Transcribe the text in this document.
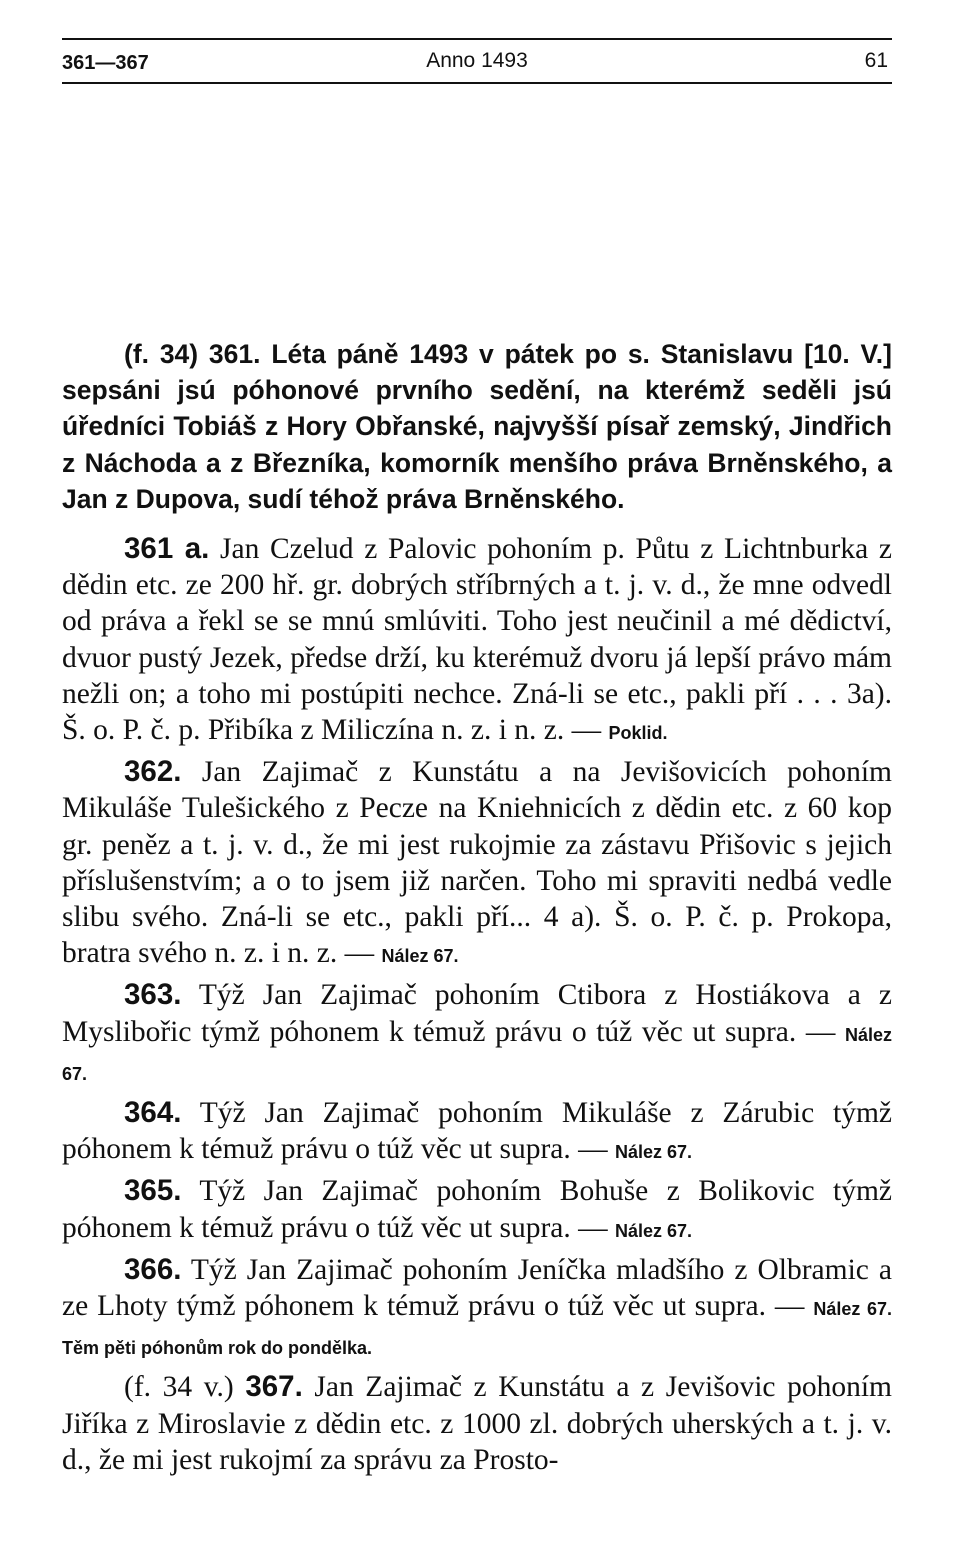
361—367	Anno 1493	61

(f. 34) 361. Léta páně 1493 v pátek po s. Stanislavu [10. V.] sepsáni jsú póhonové prvního sedění, na kterémž seděli jsú úředníci Tobiáš z Hory Obřanské, najvyšší písař zemský, Jindřich z Náchoda a z Březníka, komorník menšího práva Brněnského, a Jan z Dupova, sudí téhož práva Brněnského.

361 a. Jan Czelud z Palovic pohoním p. Půtu z Lichtnburka z dědin etc. ze 200 hř. gr. dobrých stříbrných a t. j. v. d., že mne odvedl od práva a řekl se se mnú smlúviti. Toho jest neučinil a mé dědictví, dvuor pustý Jezek, předse drží, ku kterémuž dvoru já lepší právo mám nežli on; a toho mi postúpiti nechce. Zná-li se etc., pakli pří . . . 3a). Š. o. P. č. p. Přibíka z Miliczína n. z. i n. z. — Poklid.

362. Jan Zajimač z Kunstátu a na Jevišovicích pohoním Mikuláše Tulešického z Pecze na Kniehnicích z dědin etc. z 60 kop gr. peněz a t. j. v. d., že mi jest rukojmie za zástavu Přišovic s jejich příslušenstvím; a o to jsem již narčen. Toho mi spraviti nedbá vedle slibu svého. Zná-li se etc., pakli pří... 4 a). Š. o. P. č. p. Prokopa, bratra svého n. z. i n. z. — Nález 67.

363. Týž Jan Zajimač pohoním Ctibora z Hostiákova a z Myslibořic týmž póhonem k témuž právu o túž věc ut supra. — Nález 67.

364. Týž Jan Zajimač pohoním Mikuláše z Zárubic týmž póhonem k témuž právu o túž věc ut supra. — Nález 67.

365. Týž Jan Zajimač pohoním Bohuše z Bolikovic týmž póhonem k témuž právu o túž věc ut supra. — Nález 67.

366. Týž Jan Zajimač pohoním Jeníčka mladšího z Olbramic a ze Lhoty týmž póhonem k témuž právu o túž věc ut supra. — Nález 67. Těm pěti póhonům rok do pondělka.

(f. 34 v.) 367. Jan Zajimač z Kunstátu a z Jevišovic pohoním Jiříka z Miroslavie z dědin etc. z 1000 zl. dobrých uherských a t. j. v. d., že mi jest rukojmí za správu za Prosto-
